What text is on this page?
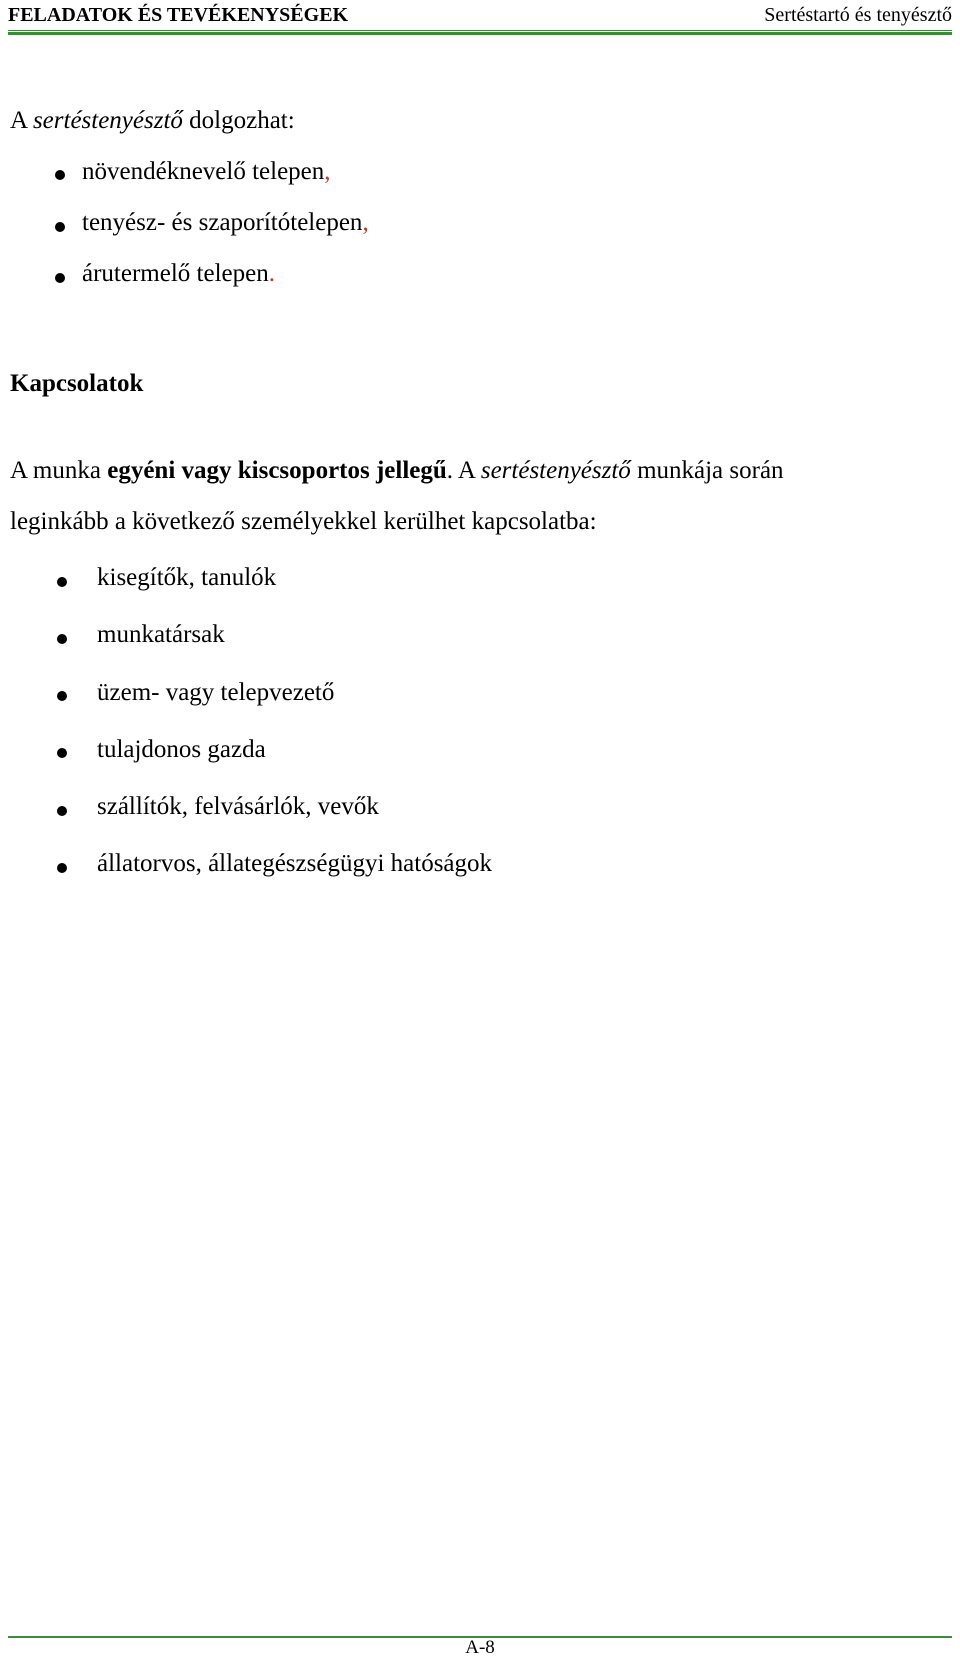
FELADATOK ÉS TEVÉKENYSÉGEK	Sertéstartó és tenyésztő
A sertéstenyésztő dolgozhat:
növendéknevelő telepen,
tenyész- és szaporítótelepen,
árutermelő telepen.
Kapcsolatok
A munka egyéni vagy kiscsoportos jellegű. A sertéstenyésztő munkája során
leginkább a következő személyekkel kerülhet kapcsolatba:
kisegítők, tanulók
munkatársak
üzem- vagy telepvezető
tulajdonos gazda
szállítók, felvásárlók, vevők
állatorvos, állategészségügyi hatóságok
A-8
